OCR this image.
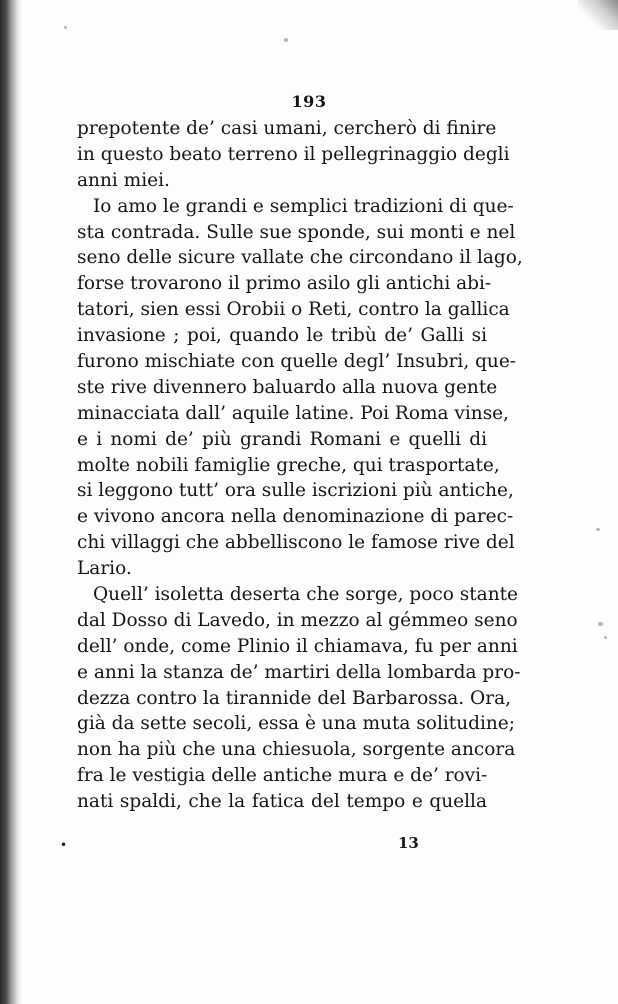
193
prepotente de’ casi umani, cercherò di finire
in questo beato terreno il pellegrinaggio degli
anni miei.
Io amo le grandi e semplici tradizioni di que-
sta contrada. Sulle sue sponde, sui monti e nel
seno delle sicure vallate che circondano il lago,
forse trovarono il primo asilo gli antichi abi-
tatori, sien essi Orobii o Reti, contro la gallica
invasione ; poi, quando le tribù de’ Galli si
furono mischiate con quelle degl’ Insubri, que-
ste rive divennero baluardo alla nuova gente
minacciata dall’ aquile latine. Poi Roma vinse,
e i nomi de’ più grandi Romani e quelli di
molte nobili famiglie greche, qui trasportate,
si leggono tutt’ ora sulle iscrizioni più antiche,
e vivono ancora nella denominazione di parec-
chi villaggi che abbelliscono le famose rive del
Lario.
Quell’ isoletta deserta che sorge, poco stante
dal Dosso di Lavedo, in mezzo al gémmeo seno
dell’ onde, come Plinio il chiamava, fu per anni
e anni la stanza de’ martiri della lombarda pro-
dezza contro la tirannide del Barbarossa. Ora,
già da sette secoli, essa è una muta solitudine;
non ha più che una chiesuola, sorgente ancora
fra le vestigia delle antiche mura e de’ rovi-
nati spaldi, che la fatica del tempo e quella
•	13
